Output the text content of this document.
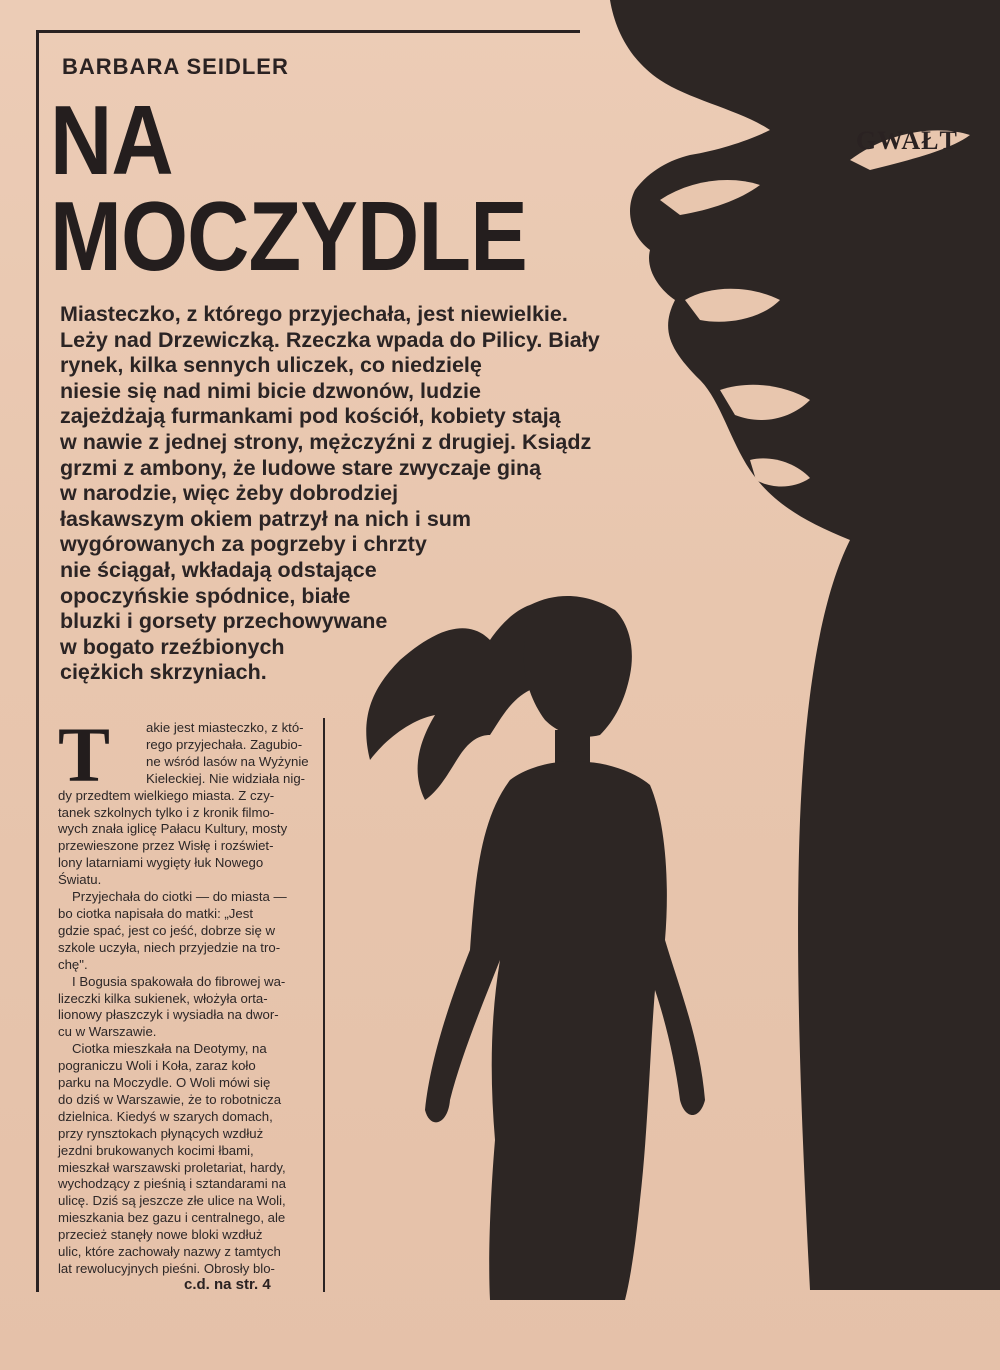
BARBARA SEIDLER
NA
MOCZYDLE

GWAŁT

Miasteczko, z którego przyjechała, jest niewielkie.
Leży nad Drzewiczką. Rzeczka wpada do Pilicy. Biały
rynek, kilka sennych uliczek, co niedzielę
niesie się nad nimi bicie dzwonów, ludzie
zajeżdżają furmankami pod kościół, kobiety stają
w nawie z jednej strony, mężczyźni z drugiej. Ksiądz
grzmi z ambony, że ludowe stare zwyczaje giną
w narodzie, więc żeby dobrodziej
łaskawszym okiem patrzył na nich i sum
wygórowanych za pogrzeby i chrzty
nie ściągał, wkładają odstające
opoczyńskie spódnice, białe
bluzki i gorsety przechowywane
w bogato rzeźbionych
ciężkich skrzyniach.

T	akie jest miasteczko, z któ-
rego przyjechała. Zagubio-
ne wśród lasów na Wyżynie
Kieleckiej. Nie widziała nig-
dy przedtem wielkiego miasta. Z czy-
tanek szkolnych tylko i z kronik filmo-
wych znała iglicę Pałacu Kultury, mosty
przewieszone przez Wisłę i rozświet-
lony latarniami wygięty łuk Nowego
Światu.
Przyjechała do ciotki — do miasta —
bo ciotka napisała do matki: „Jest
gdzie spać, jest co jeść, dobrze się w
szkole uczyła, niech przyjedzie na tro-
chę".
I Bogusia spakowała do fibrowej wa-
lizeczki kilka sukienek, włożyła orta-
lionowy płaszczyk i wysiadła na dwor-
cu w Warszawie.
Ciotka mieszkała na Deotymy, na
pograniczu Woli i Koła, zaraz koło
parku na Moczydle. O Woli mówi się
do dziś w Warszawie, że to robotnicza
dzielnica. Kiedyś w szarych domach,
przy rynsztokach płynących wzdłuż
jezdni brukowanych kocimi łbami,
mieszkał warszawski proletariat, hardy,
wychodzący z pieśnią i sztandarami na
ulicę. Dziś są jeszcze złe ulice na Woli,
mieszkania bez gazu i centralnego, ale
przecież stanęły nowe bloki wzdłuż
ulic, które zachowały nazwy z tamtych
lat rewolucyjnych pieśni. Obrosły blo-

c.d. na str. 4
